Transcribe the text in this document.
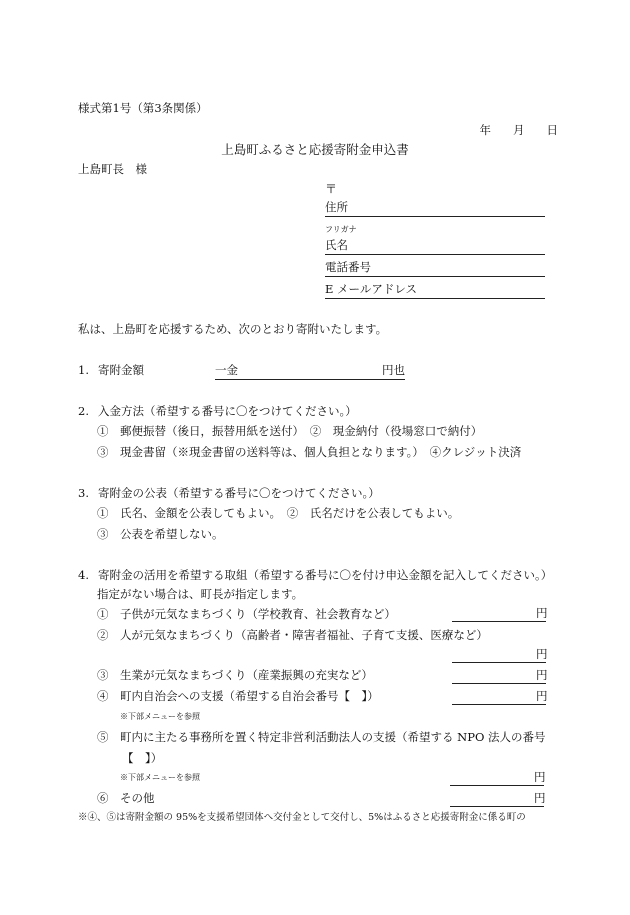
様式第1号（第3条関係）
年 月 日
上島町ふるさと応援寄附金申込書
上島町長　様
〒
住所
フリガナ
氏名
電話番号
E メールアドレス
私は、上島町を応援するため、次のとおり寄附いたします。
1. 寄附金額	一金	円也
2. 入金方法（希望する番号に〇をつけてください。）
①　郵便振替（後日，振替用紙を送付）　②　現金納付（役場窓口で納付）
③　現金書留（※現金書留の送料等は、個人負担となります。）　④クレジット決済
3. 寄附金の公表（希望する番号に〇をつけてください。）
①　氏名、金額を公表してもよい。　②　氏名だけを公表してもよい。
③　公表を希望しない。
4. 寄附金の活用を希望する取組（希望する番号に〇を付け申込金額を記入してください。）
指定がない場合は、町長が指定します。
①　子供が元気なまちづくり（学校教育、社会教育など）	円
②　人が元気なまちづくり（高齢者・障害者福祉、子育て支援、医療など）
円
③　生業が元気なまちづくり（産業振興の充実など）	円
④　町内自治会への支援（希望する自治会番号【　】）	円
※下部メニューを参照
⑤　町内に主たる事務所を置く特定非営利活動法人の支援（希望する NPO 法人の番号
【　】）
※下部メニューを参照	円
⑥　その他	円
※④、⑤は寄附金額の 95%を支援希望団体へ交付金として交付し、5%はふるさと応援寄附金に係る町の
